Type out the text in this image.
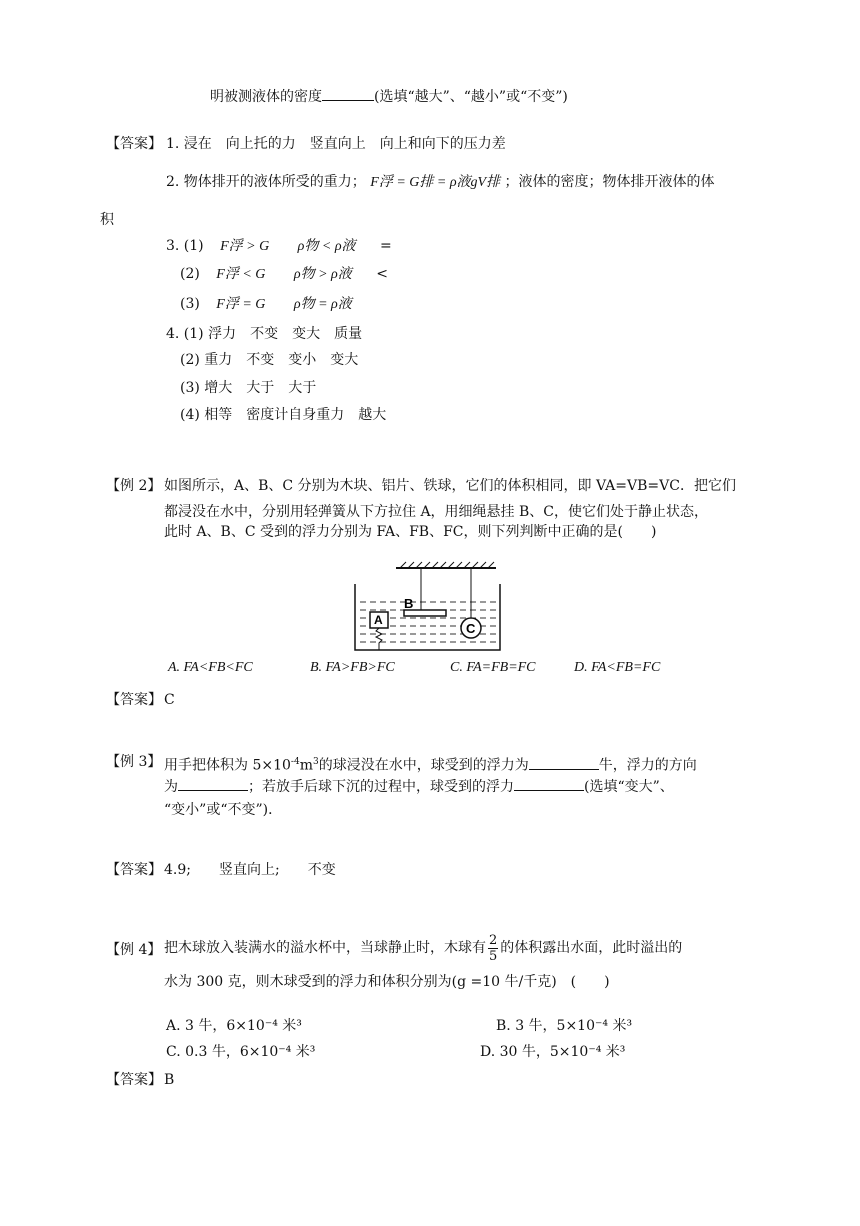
明被测液体的密度	(选填“越大”、“越小”或“不变”)
【答案】 1. 浸在　向上托的力　竖直向上　向上和向下的压力差
2. 物体排开的液体所受的重力； F浮 = G排 = ρ液gV排 ；液体的密度；物体排开液体的体
积
3. (1) F浮 > G ρ物 < ρ液 =
(2) F浮 < G ρ物 > ρ液 <
(3) F浮 = G ρ物 = ρ液
4. (1) 浮力　不变　变大　质量
(2) 重力　不变　变小　变大
(3) 增大　大于　大于
(4) 相等　密度计自身重力　越大
【例 2】 如图所示，A、B、C 分别为木块、铝片、铁球，它们的体积相同，即 VA=VB=VC．把它们
都浸没在水中，分别用轻弹簧从下方拉住 A，用细绳悬挂 B、C，使它们处于静止状态，
此时 A、B、C 受到的浮力分别为 FA、FB、FC，则下列判断中正确的是(　　)
A
B
C
A. FA<FB<FC	B. FA>FB>FC	C. FA=FB=FC	D. FA<FB=FC
【答案】 C
【例 3】 用手把体积为 $5\times 10^{-4}m^3$的球浸没在水中，球受到的浮力为	牛，浮力的方向
为	；若放手后球下沉的过程中，球受到的浮力	(选填“变大”、
“变小”或“不变”)．
【答案】 4.9;　　竖直向上;　　不变
【例 4】 把木球放入装满水的溢水杯中，当球静止时，木球有 $\frac{2}{5}$ 的体积露出水面，此时溢出的
水为 300 克，则木球受到的浮力和体积分别为(g =10 牛/千克)　(　　)
A. 3 牛，6×10⁻⁴ 米³	B. 3 牛，5×10⁻⁴ 米³
C. 0.3 牛，6×10⁻⁴ 米³	D. 30 牛，5×10⁻⁴ 米³
【答案】 B
